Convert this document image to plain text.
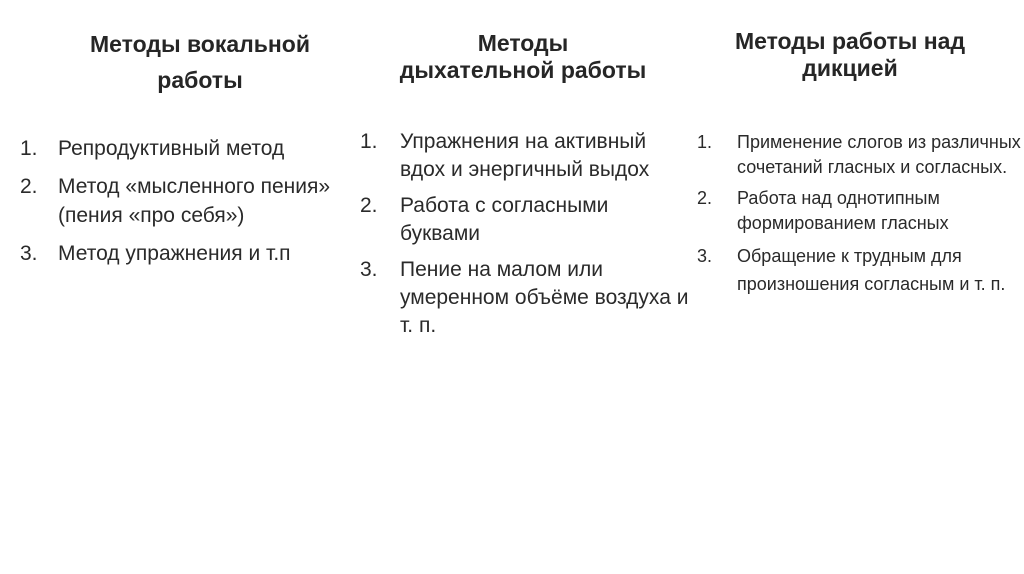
Методы вокальной
работы
1. Репродуктивный метод
2. Метод «мысленного пения» (пения «про себя»)
3. Метод упражнения и т.п
Методы
дыхательной работы
1. Упражнения на активный вдох и энергичный выдох
2. Работа с согласными буквами
3. Пение на малом или умеренном объёме воздуха и т. п.
Методы работы над
дикцией
1. Применение слогов из различных сочетаний гласных и согласных.
2. Работа над однотипным формированием гласных
3. Обращение к трудным для произношения согласным и т. п.
